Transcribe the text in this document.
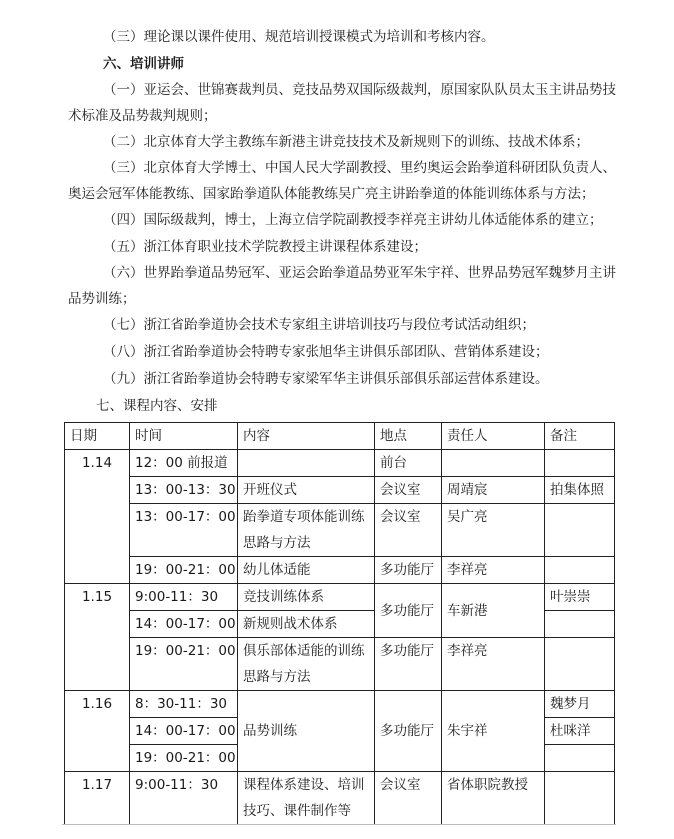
（三）理论课以课件使用、规范培训授课模式为培训和考核内容。
六、培训讲师
（一）亚运会、世锦赛裁判员、竞技品势双国际级裁判，原国家队队员太玉主讲品势技
术标准及品势裁判规则；
（二）北京体育大学主教练车新港主讲竞技技术及新规则下的训练、技战术体系；
（三）北京体育大学博士、中国人民大学副教授、里约奥运会跆拳道科研团队负责人、
奥运会冠军体能教练、国家跆拳道队体能教练吴广亮主讲跆拳道的体能训练体系与方法；
（四）国际级裁判，博士，上海立信学院副教授李祥亮主讲幼儿体适能体系的建立；
（五）浙江体育职业技术学院教授主讲课程体系建设；
（六）世界跆拳道品势冠军、亚运会跆拳道品势亚军朱宇祥、世界品势冠军魏梦月主讲
品势训练；
（七）浙江省跆拳道协会技术专家组主讲培训技巧与段位考试活动组织；
（八）浙江省跆拳道协会特聘专家张旭华主讲俱乐部团队、营销体系建设；
（九）浙江省跆拳道协会特聘专家梁军华主讲俱乐部俱乐部运营体系建设。
七、课程内容、安排
日期	时间	内容	地点	责任人	备注
1.14	12：00 前报道		前台		
	13：00-13：30	开班仪式	会议室	周靖宸	拍集体照
	13：00-17：00	跆拳道专项体能训练思路与方法	会议室	吴广亮	
	19：00-21：00	幼儿体适能	多功能厅	李祥亮	
1.15	9:00-11：30	竞技训练体系	多功能厅	车新港	叶崇崇
	14：00-17：00	新规则战术体系			
	19：00-21：00	俱乐部体适能的训练思路与方法	多功能厅	李祥亮	
1.16	8：30-11：30	品势训练	多功能厅	朱宇祥	魏梦月
	14：00-17：00				杜咪洋
	19：00-21：00				
1.17	9:00-11：30	课程体系建设、培训技巧、课件制作等	会议室	省体职院教授	
